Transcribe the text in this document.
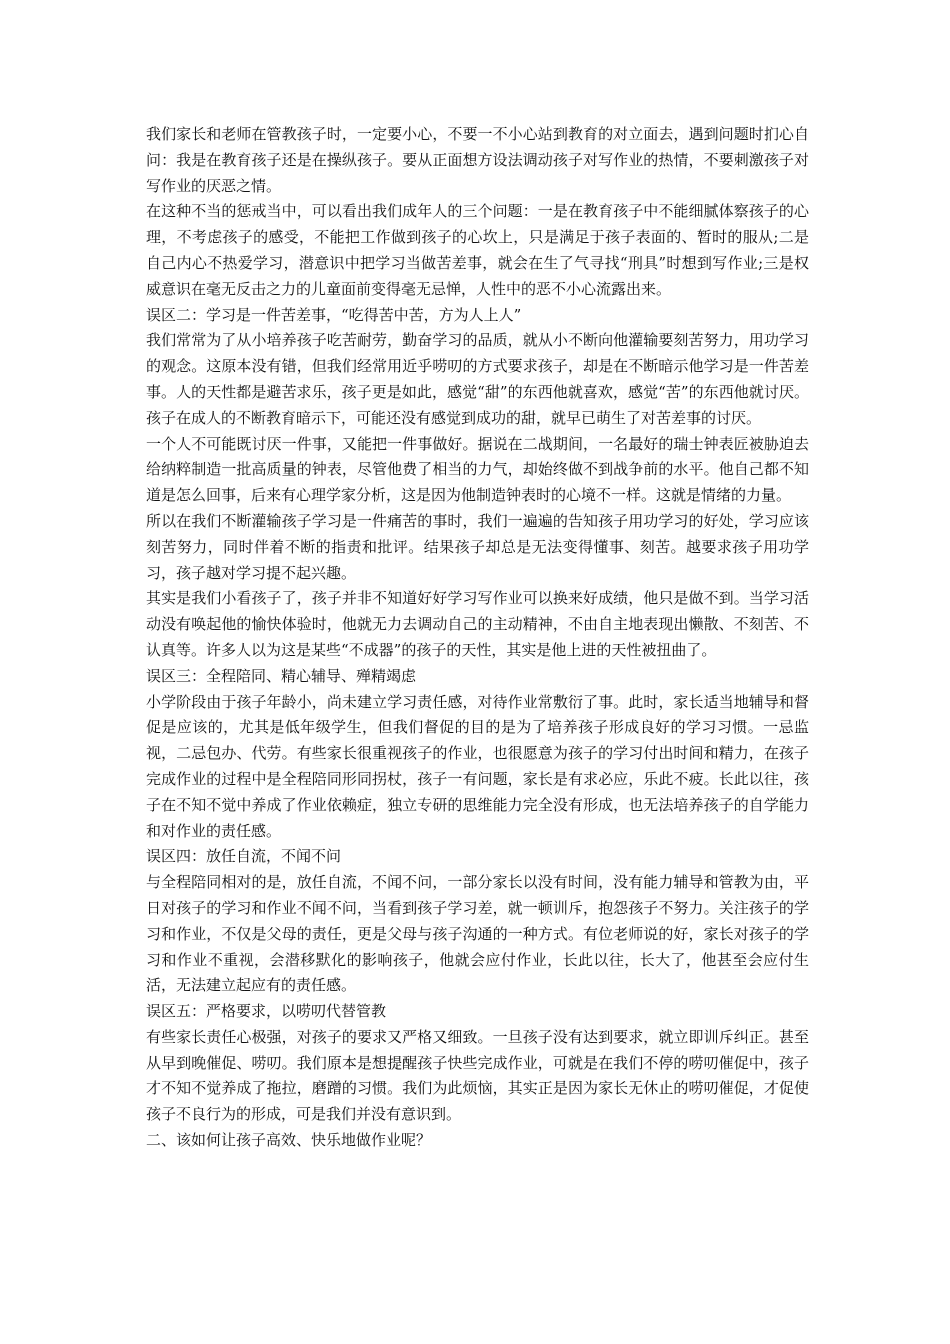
我们家长和老师在管教孩子时，一定要小心，不要一不小心站到教育的对立面去，遇到问题时扪心自问：我是在教育孩子还是在操纵孩子。要从正面想方设法调动孩子对写作业的热情，不要刺激孩子对写作业的厌恶之情。

在这种不当的惩戒当中，可以看出我们成年人的三个问题：一是在教育孩子中不能细腻体察孩子的心理，不考虑孩子的感受，不能把工作做到孩子的心坎上，只是满足于孩子表面的、暂时的服从;二是自己内心不热爱学习，潜意识中把学习当做苦差事，就会在生了气寻找“刑具”时想到写作业;三是权威意识在毫无反击之力的儿童面前变得毫无忌惮，人性中的恶不小心流露出来。

误区二：学习是一件苦差事，“吃得苦中苦，方为人上人”

我们常常为了从小培养孩子吃苦耐劳，勤奋学习的品质，就从小不断向他灌输要刻苦努力，用功学习的观念。这原本没有错，但我们经常用近乎唠叨的方式要求孩子，却是在不断暗示他学习是一件苦差事。人的天性都是避苦求乐，孩子更是如此，感觉“甜”的东西他就喜欢，感觉“苦”的东西他就讨厌。孩子在成人的不断教育暗示下，可能还没有感觉到成功的甜，就早已萌生了对苦差事的讨厌。

一个人不可能既讨厌一件事，又能把一件事做好。据说在二战期间，一名最好的瑞士钟表匠被胁迫去给纳粹制造一批高质量的钟表，尽管他费了相当的力气，却始终做不到战争前的水平。他自己都不知道是怎么回事，后来有心理学家分析，这是因为他制造钟表时的心境不一样。这就是情绪的力量。

所以在我们不断灌输孩子学习是一件痛苦的事时，我们一遍遍的告知孩子用功学习的好处，学习应该刻苦努力，同时伴着不断的指责和批评。结果孩子却总是无法变得懂事、刻苦。越要求孩子用功学习，孩子越对学习提不起兴趣。

其实是我们小看孩子了，孩子并非不知道好好学习写作业可以换来好成绩，他只是做不到。当学习活动没有唤起他的愉快体验时，他就无力去调动自己的主动精神，不由自主地表现出懒散、不刻苦、不认真等。许多人以为这是某些“不成器”的孩子的天性，其实是他上进的天性被扭曲了。

误区三：全程陪同、精心辅导、殚精竭虑

小学阶段由于孩子年龄小，尚未建立学习责任感，对待作业常敷衍了事。此时，家长适当地辅导和督促是应该的，尤其是低年级学生，但我们督促的目的是为了培养孩子形成良好的学习习惯。一忌监视，二忌包办、代劳。有些家长很重视孩子的作业，也很愿意为孩子的学习付出时间和精力，在孩子完成作业的过程中是全程陪同形同拐杖，孩子一有问题，家长是有求必应，乐此不疲。长此以往，孩子在不知不觉中养成了作业依赖症，独立专研的思维能力完全没有形成，也无法培养孩子的自学能力和对作业的责任感。

误区四：放任自流，不闻不问

与全程陪同相对的是，放任自流，不闻不问，一部分家长以没有时间，没有能力辅导和管教为由，平日对孩子的学习和作业不闻不问，当看到孩子学习差，就一顿训斥，抱怨孩子不努力。关注孩子的学习和作业，不仅是父母的责任，更是父母与孩子沟通的一种方式。有位老师说的好，家长对孩子的学习和作业不重视，会潜移默化的影响孩子，他就会应付作业，长此以往，长大了，他甚至会应付生活，无法建立起应有的责任感。

误区五：严格要求，以唠叨代替管教

有些家长责任心极强，对孩子的要求又严格又细致。一旦孩子没有达到要求，就立即训斥纠正。甚至从早到晚催促、唠叨。我们原本是想提醒孩子快些完成作业，可就是在我们不停的唠叨催促中，孩子才不知不觉养成了拖拉，磨蹭的习惯。我们为此烦恼，其实正是因为家长无休止的唠叨催促，才促使孩子不良行为的形成，可是我们并没有意识到。

二、该如何让孩子高效、快乐地做作业呢？
